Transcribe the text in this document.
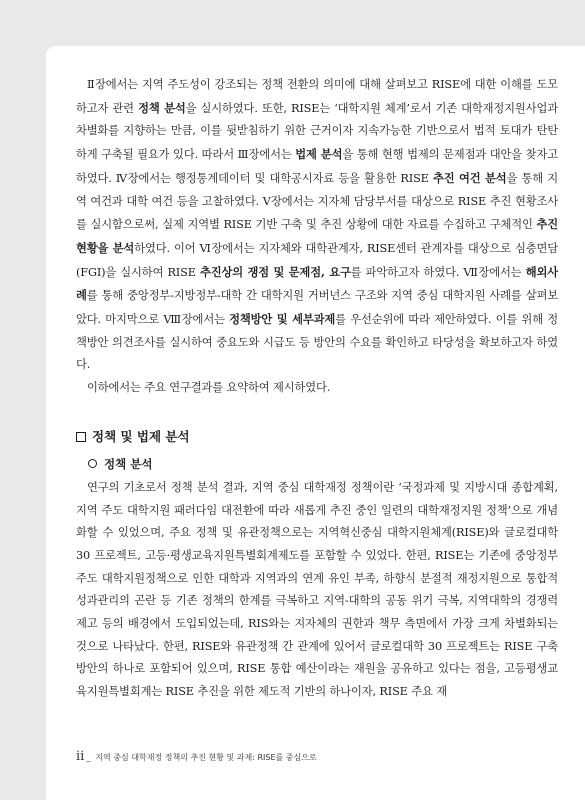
Ⅱ장에서는 지역 주도성이 강조되는 정책 전환의 의미에 대해 살펴보고 RISE에 대한 이해를 도모하고자 관련 정책 분석을 실시하였다. 또한, RISE는 ‘대학지원 체계’로서 기존 대학재정지원사업과 차별화를 지향하는 만큼, 이를 뒷받침하기 위한 근거이자 지속가능한 기반으로서 법적 토대가 탄탄하게 구축될 필요가 있다. 따라서 Ⅲ장에서는 법제 분석을 통해 현행 법제의 문제점과 대안을 찾자고 하였다. Ⅳ장에서는 행정통계데이터 및 대학공시자료 등을 활용한 RISE 추진 여건 분석을 통해 지역 여건과 대학 여건 등을 고찰하였다. Ⅴ장에서는 지자체 담당부서를 대상으로 RISE 추진 현황조사를 실시함으로써, 실제 지역별 RISE 기반 구축 및 추진 상황에 대한 자료를 수집하고 구체적인 추진 현황을 분석하였다. 이어 Ⅵ장에서는 지자체와 대학관계자, RISE센터 관계자를 대상으로 심층면담(FGI)을 실시하여 RISE 추진상의 쟁점 및 문제점, 요구를 파악하고자 하였다. Ⅶ장에서는 해외사례를 통해 중앙정부-지방정부-대학 간 대학지원 거버넌스 구조와 지역 중심 대학지원 사례를 살펴보았다. 마지막으로 Ⅷ장에서는 정책방안 및 세부과제를 우선순위에 따라 제안하였다. 이를 위해 정책방안 의견조사를 실시하여 중요도와 시급도 등 방안의 수요를 확인하고 타당성을 확보하고자 하였다.

이하에서는 주요 연구결과를 요약하여 제시하였다.

정책 및 법제 분석
정책 분석

연구의 기초로서 정책 분석 결과, 지역 중심 대학재정 정책이란 ‘국정과제 및 지방시대 종합계획, 지역 주도 대학지원 패러다임 대전환에 따라 새롭게 추진 중인 일련의 대학재정지원 정책’으로 개념화할 수 있었으며, 주요 정책 및 유관정책으로는 지역혁신중심 대학지원체계(RISE)와 글로컬대학 30 프로젝트, 고등·평생교육지원특별회계제도를 포함할 수 있었다. 한편, RISE는 기존에 중앙정부 주도 대학지원정책으로 인한 대학과 지역과의 연계 유인 부족, 하향식 분절적 재정지원으로 통합적 성과관리의 곤란 등 기존 정책의 한계를 극복하고 지역-대학의 공동 위기 극복, 지역대학의 경쟁력 제고 등의 배경에서 도입되었는데, RIS와는 지자체의 권한과 책무 측면에서 가장 크게 차별화되는 것으로 나타났다. 한편, RISE와 유관정책 간 관계에 있어서 글로컬대학 30 프로젝트는 RISE 구축 방안의 하나로 포함되어 있으며, RISE 통합 예산이라는 재원을 공유하고 있다는 점을, 고등평생교육지원특별회계는 RISE 추진을 위한 제도적 기반의 하나이자, RISE 주요 재

ii _ 지역 중심 대학재정 정책의 추진 현황 및 과제: RISE를 중심으로
